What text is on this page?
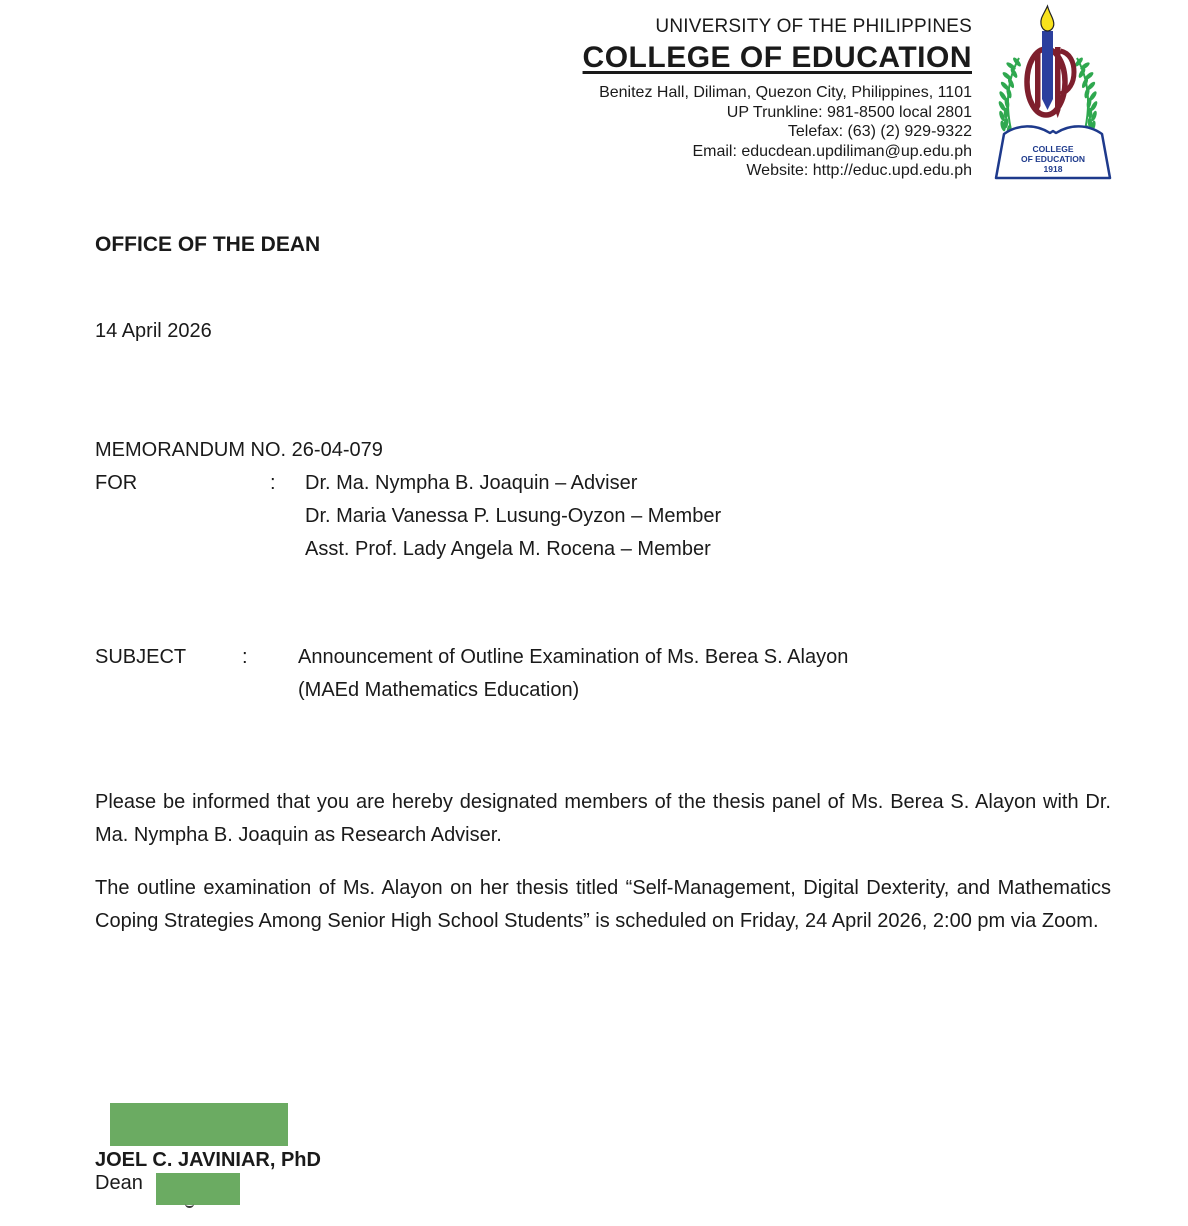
UNIVERSITY OF THE PHILIPPINES
COLLEGE OF EDUCATION
Benitez Hall, Diliman, Quezon City, Philippines, 1101
UP Trunkline: 981-8500 local 2801
Telefax: (63) (2) 929-9322
Email: educdean.updiliman@up.edu.ph
Website: http://educ.upd.edu.ph
COLLEGE
OF EDUCATION
1918
OFFICE OF THE DEAN
14 April 2026
MEMORANDUM NO. 26-04-079
FOR	: Dr. Ma. Nympha B. Joaquin – Adviser
Dr. Maria Vanessa P. Lusung-Oyzon – Member
Asst. Prof. Lady Angela M. Rocena – Member
SUBJECT	:	Announcement of Outline Examination of Ms. Berea S. Alayon
(MAEd Mathematics Education)
Please be informed that you are hereby designated members of the thesis panel of Ms. Berea S. Alayon with Dr. Ma. Nympha B. Joaquin as Research Adviser.
The outline examination of Ms. Alayon on her thesis titled “Self-Management, Digital Dexterity, and Mathematics Coping Strategies Among Senior High School Students” is scheduled on Friday, 24 April 2026, 2:00 pm via Zoom.
JOEL C. JAVINIAR, PhD
Dean
